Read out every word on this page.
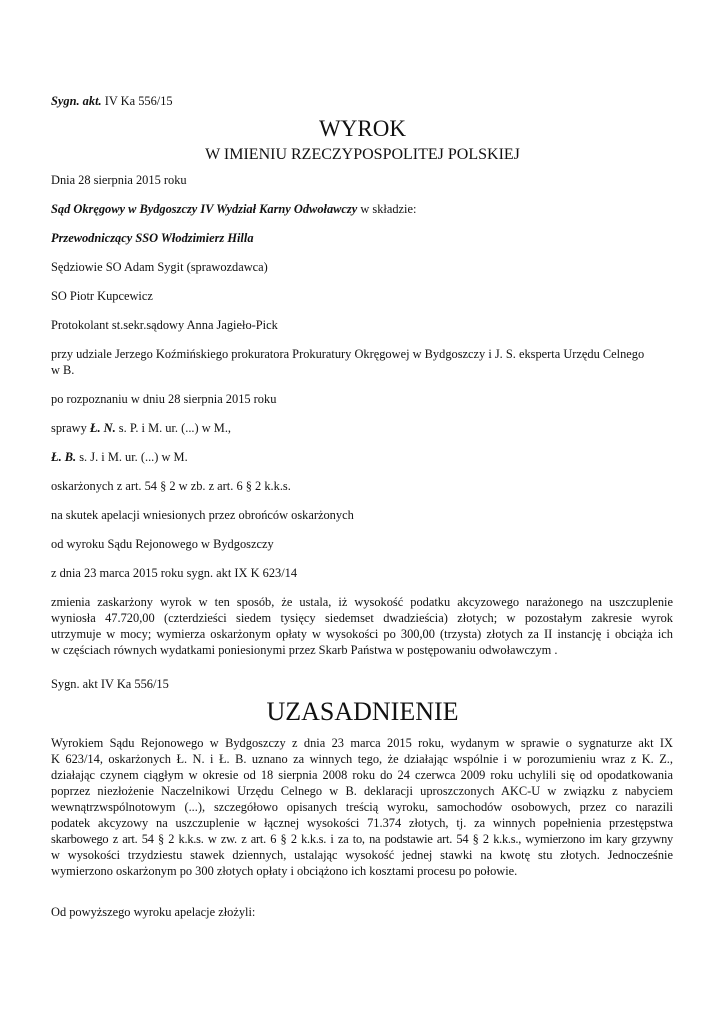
Sygn. akt. IV Ka 556/15
WYROK
W IMIENIU RZECZYPOSPOLITEJ POLSKIEJ
Dnia 28 sierpnia 2015 roku
Sąd Okręgowy w Bydgoszczy IV Wydział Karny Odwoławczy w składzie:
Przewodniczący SSO Włodzimierz Hilla
Sędziowie SO Adam Sygit (sprawozdawca)
SO Piotr Kupcewicz
Protokolant st.sekr.sądowy Anna Jagieło-Pick
przy udziale Jerzego Koźmińskiego prokuratora Prokuratury Okręgowej w Bydgoszczy i J. S. eksperta Urzędu Celnego
w B.
po rozpoznaniu w dniu 28 sierpnia 2015 roku
sprawy Ł. N. s. P. i M. ur. (...) w M.,
Ł. B. s. J. i M. ur. (...) w M.
oskarżonych z art. 54 § 2 w zb. z art. 6 § 2 k.k.s.
na skutek apelacji wniesionych przez obrońców oskarżonych
od wyroku Sądu Rejonowego w Bydgoszczy
z dnia 23 marca 2015 roku sygn. akt IX K 623/14
zmienia zaskarżony wyrok w ten sposób, że ustala, iż wysokość podatku akcyzowego narażonego na uszczuplenie
wyniosła 47.720,00 (czterdzieści siedem tysięcy siedemset dwadzieścia) złotych; w pozostałym zakresie wyrok
utrzymuje w mocy; wymierza oskarżonym opłaty w wysokości po 300,00 (trzysta) złotych za II instancję i obciąża ich
w częściach równych wydatkami poniesionymi przez Skarb Państwa w postępowaniu odwoławczym .
Sygn. akt IV Ka 556/15
UZASADNIENIE
Wyrokiem Sądu Rejonowego w Bydgoszczy z dnia 23 marca 2015 roku, wydanym w sprawie o sygnaturze akt IX
K 623/14, oskarżonych Ł. N. i Ł. B. uznano za winnych tego, że działając wspólnie i w porozumieniu wraz z K. Z.,
działając czynem ciągłym w okresie od 18 sierpnia 2008 roku do 24 czerwca 2009 roku uchylili się od opodatkowania
poprzez niezłożenie Naczelnikowi Urzędu Celnego w B. deklaracji uproszczonych AKC-U w związku z nabyciem
wewnątrzwspólnotowym (...), szczegółowo opisanych treścią wyroku, samochodów osobowych, przez co narazili
podatek akcyzowy na uszczuplenie w łącznej wysokości 71.374 złotych, tj. za winnych popełnienia przestępstwa
skarbowego z art. 54 § 2 k.k.s. w zw. z art. 6 § 2 k.k.s. i za to, na podstawie art. 54 § 2 k.k.s., wymierzono im kary grzywny
w wysokości trzydziestu stawek dziennych, ustalając wysokość jednej stawki na kwotę stu złotych. Jednocześnie
wymierzono oskarżonym po 300 złotych opłaty i obciążono ich kosztami procesu po połowie.
Od powyższego wyroku apelacje złożyli:
